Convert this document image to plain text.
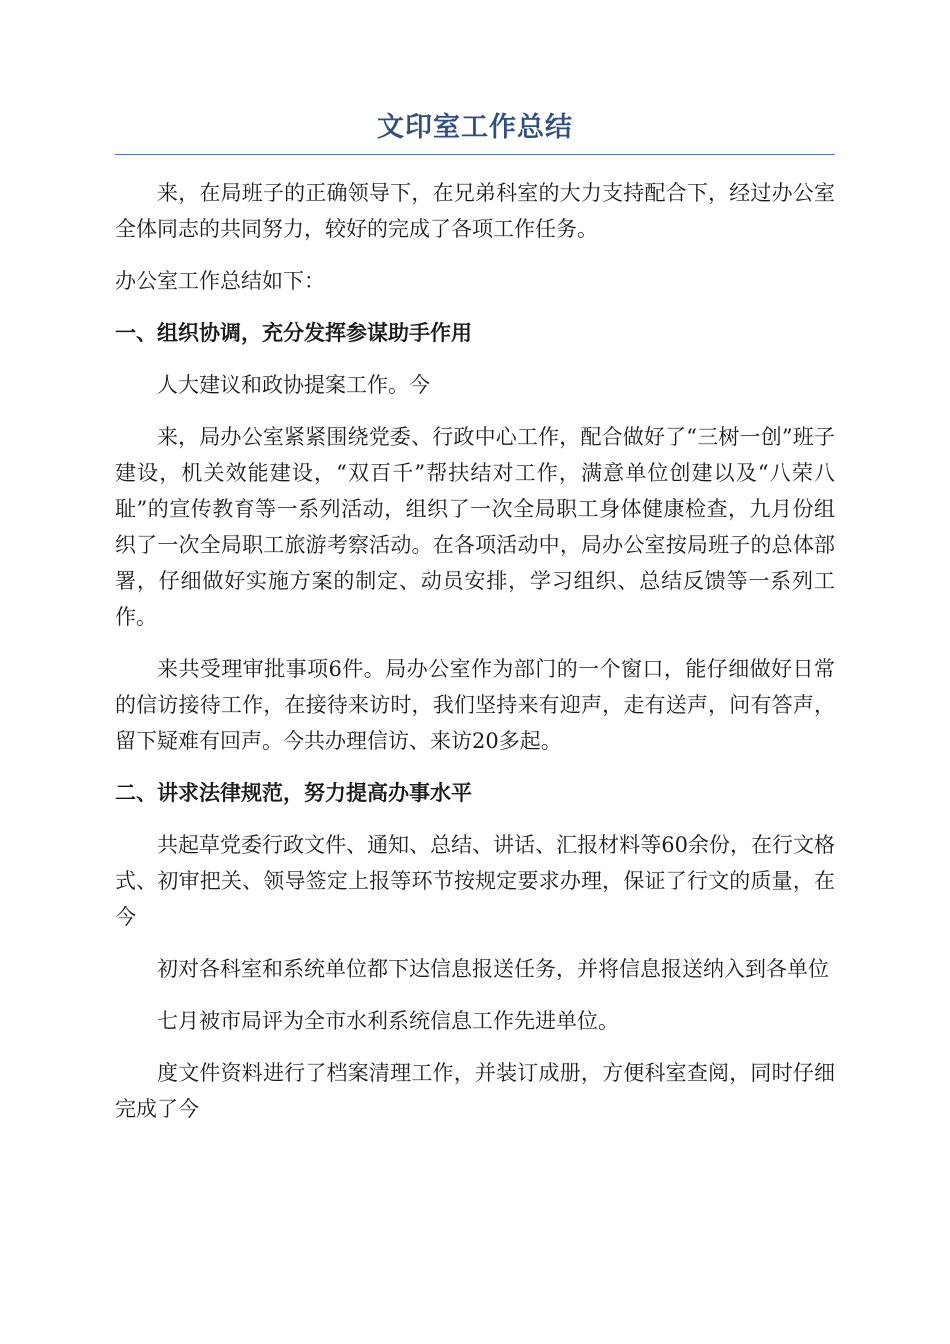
文印室工作总结

来，在局班子的正确领导下，在兄弟科室的大力支持配合下，经过办公室全体同志的共同努力，较好的完成了各项工作任务。

办公室工作总结如下：

一、组织协调，充分发挥参谋助手作用

人大建议和政协提案工作。今

来，局办公室紧紧围绕党委、行政中心工作，配合做好了“三树一创”班子建设，机关效能建设，“双百千”帮扶结对工作，满意单位创建以及“八荣八耻”的宣传教育等一系列活动，组织了一次全局职工身体健康检查，九月份组织了一次全局职工旅游考察活动。在各项活动中，局办公室按局班子的总体部署，仔细做好实施方案的制定、动员安排，学习组织、总结反馈等一系列工作。

来共受理审批事项6件。局办公室作为部门的一个窗口，能仔细做好日常的信访接待工作，在接待来访时，我们坚持来有迎声，走有送声，问有答声，留下疑难有回声。今共办理信访、来访20多起。

二、讲求法律规范，努力提高办事水平

共起草党委行政文件、通知、总结、讲话、汇报材料等60余份，在行文格式、初审把关、领导签定上报等环节按规定要求办理，保证了行文的质量，在今

初对各科室和系统单位都下达信息报送任务，并将信息报送纳入到各单位

七月被市局评为全市水利系统信息工作先进单位。

度文件资料进行了档案清理工作，并装订成册，方便科室查阅，同时仔细完成了今
